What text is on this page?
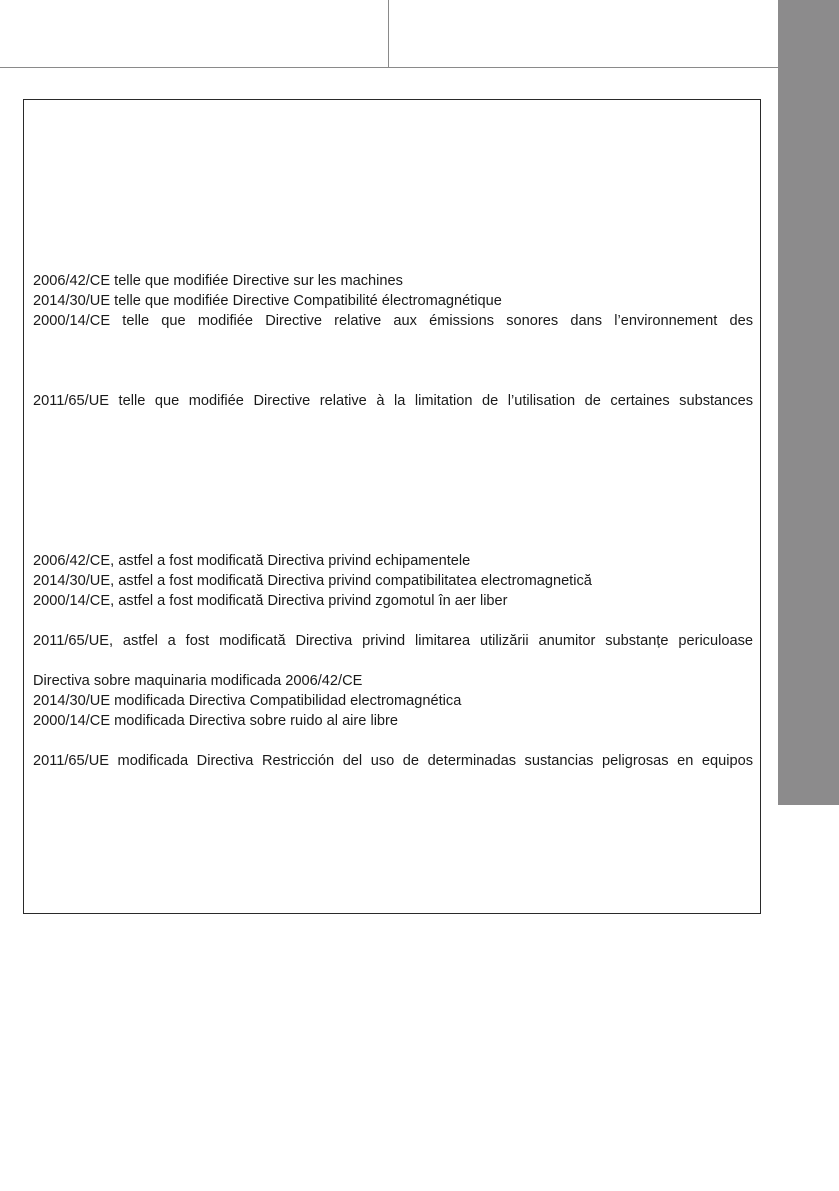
2006/42/CE telle que modifiée Directive sur les machines
2014/30/UE telle que modifiée Directive Compatibilité électromagnétique
2000/14/CE telle que modifiée Directive relative aux émissions sonores dans l’environnement des
2011/65/UE telle que modifiée Directive relative à la limitation de l’utilisation de certaines substances
2006/42/CE, astfel a fost modificată Directiva privind echipamentele
2014/30/UE, astfel a fost modificată Directiva privind compatibilitatea electromagnetică
2000/14/CE, astfel a fost modificată Directiva privind zgomotul în aer liber
2011/65/UE, astfel a fost modificată Directiva privind limitarea utilizării anumitor substanțe periculoase
Directiva sobre maquinaria modificada 2006/42/CE
2014/30/UE modificada Directiva Compatibilidad electromagnética
2000/14/CE modificada Directiva sobre ruido al aire libre
2011/65/UE modificada Directiva Restricción del uso de determinadas sustancias peligrosas en equipos
